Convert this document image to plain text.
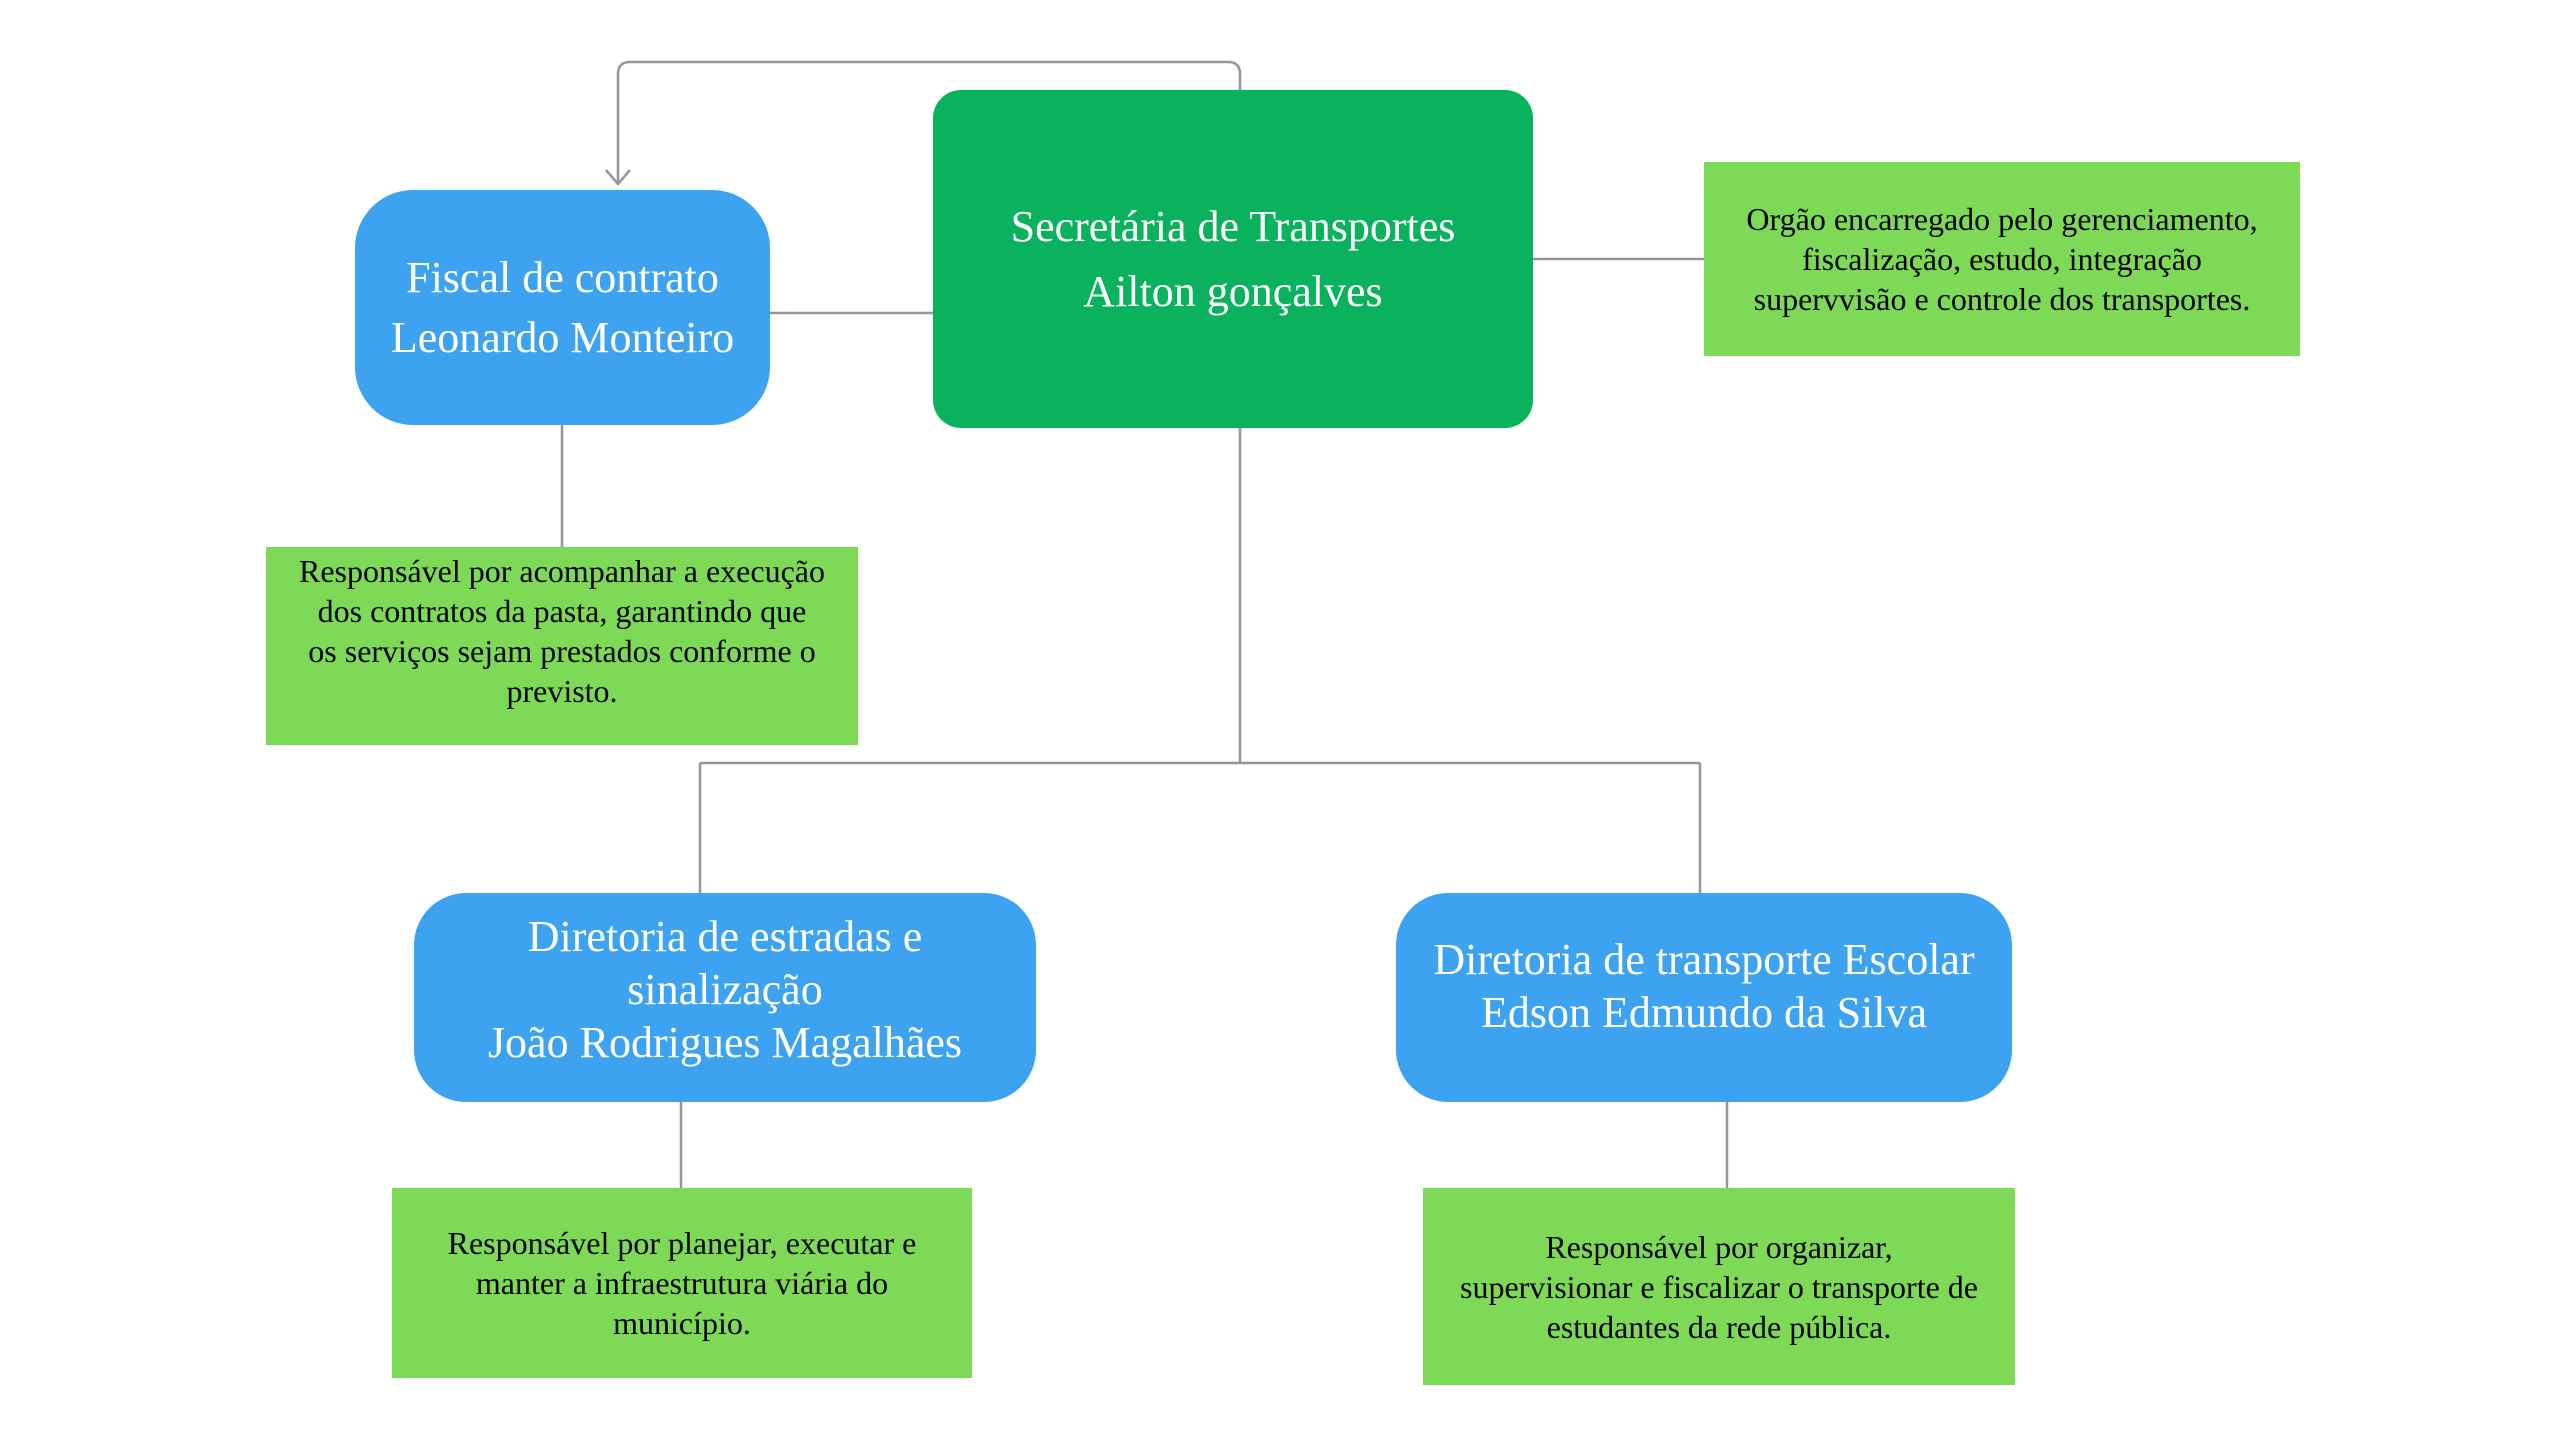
Secretária de Transportes
Ailton gonçalves
Fiscal de contrato
Leonardo Monteiro
Diretoria de estradas e
sinalização
João Rodrigues Magalhães
Diretoria de transporte Escolar
Edson Edmundo da Silva
Orgão encarregado pelo gerenciamento,
fiscalização, estudo, integração
supervvisão e controle dos transportes.
Responsável por acompanhar a execução
dos contratos da pasta, garantindo que
os serviços sejam prestados conforme o
previsto.
Responsável por planejar, executar e
manter a infraestrutura viária do
município.
Responsável por organizar,
supervisionar e fiscalizar o transporte de
estudantes da rede pública.
